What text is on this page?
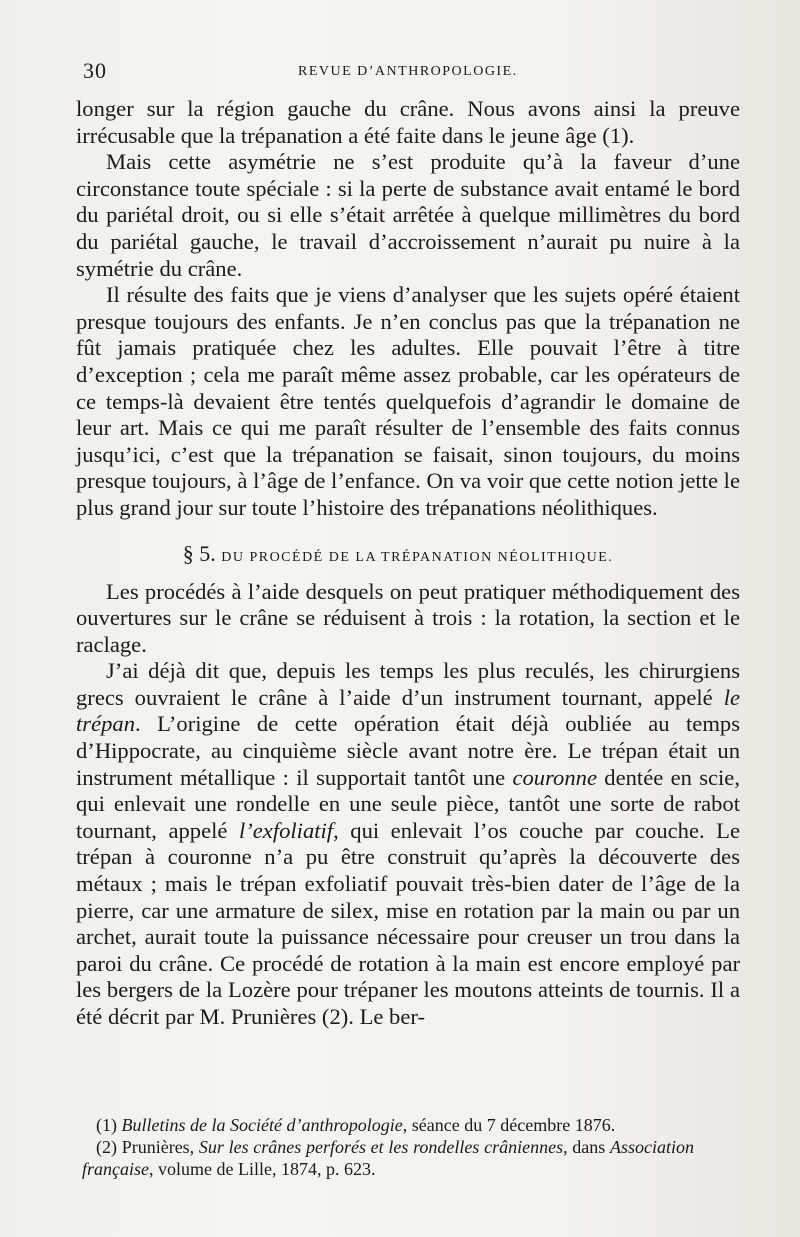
30	REVUE D’ANTHROPOLOGIE.

longer sur la région gauche du crâne. Nous avons ainsi la preuve irrécusable que la trépanation a été faite dans le jeune âge (1).

Mais cette asymétrie ne s’est produite qu’à la faveur d’une circonstance toute spéciale : si la perte de substance avait entamé le bord du pariétal droit, ou si elle s’était arrêtée à quelque millimètres du bord du pariétal gauche, le travail d’accroissement n’aurait pu nuire à la symétrie du crâne.

Il résulte des faits que je viens d’analyser que les sujets opéré étaient presque toujours des enfants. Je n’en conclus pas que la trépanation ne fût jamais pratiquée chez les adultes. Elle pouvait l’être à titre d’exception ; cela me paraît même assez probable, car les opérateurs de ce temps-là devaient être tentés quelquefois d’agrandir le domaine de leur art. Mais ce qui me paraît résulter de l’ensemble des faits connus jusqu’ici, c’est que la trépanation se faisait, sinon toujours, du moins presque toujours, à l’âge de l’enfance. On va voir que cette notion jette le plus grand jour sur toute l’histoire des trépanations néolithiques.

§ 5. DU PROCÉDÉ DE LA TRÉPANATION NÉOLITHIQUE.

Les procédés à l’aide desquels on peut pratiquer méthodiquement des ouvertures sur le crâne se réduisent à trois : la rotation, la section et le raclage.

J’ai déjà dit que, depuis les temps les plus reculés, les chirurgiens grecs ouvraient le crâne à l’aide d’un instrument tournant, appelé le trépan. L’origine de cette opération était déjà oubliée au temps d’Hippocrate, au cinquième siècle avant notre ère. Le trépan était un instrument métallique : il supportait tantôt une couronne dentée en scie, qui enlevait une rondelle en une seule pièce, tantôt une sorte de rabot tournant, appelé l’exfoliatif, qui enlevait l’os couche par couche. Le trépan à couronne n’a pu être construit qu’après la découverte des métaux ; mais le trépan exfoliatif pouvait très-bien dater de l’âge de la pierre, car une armature de silex, mise en rotation par la main ou par un archet, aurait toute la puissance nécessaire pour creuser un trou dans la paroi du crâne. Ce procédé de rotation à la main est encore employé par les bergers de la Lozère pour trépaner les moutons atteints de tournis. Il a été décrit par M. Prunières (2). Le ber-

(1) Bulletins de la Société d’anthropologie, séance du 7 décembre 1876.

(2) Prunières, Sur les crânes perforés et les rondelles crâniennes, dans Association française, volume de Lille, 1874, p. 623.
